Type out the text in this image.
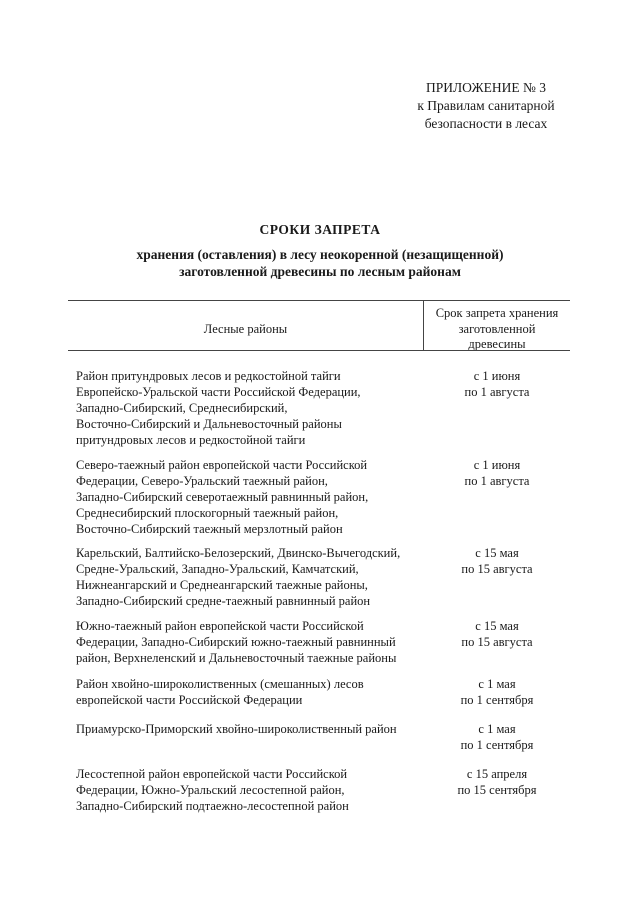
ПРИЛОЖЕНИЕ № 3
к Правилам санитарной
безопасности в лесах
СРОКИ ЗАПРЕТА
хранения (оставления) в лесу неокоренной (незащищенной)
заготовленной древесины по лесным районам
Лесные районы
Срок запрета хранения
заготовленной
древесины
Район притундровых лесов и редкостойной тайги
Европейско-Уральской части Российской Федерации,
Западно-Сибирский, Среднесибирский,
Восточно-Сибирский и Дальневосточный районы
притундровых лесов и редкостойной тайги
с 1 июня
по 1 августа
Северо-таежный район европейской части Российской
Федерации, Северо-Уральский таежный район,
Западно-Сибирский северотаежный равнинный район,
Среднесибирский плоскогорный таежный район,
Восточно-Сибирский таежный мерзлотный район
с 1 июня
по 1 августа
Карельский, Балтийско-Белозерский, Двинско-Вычегодский,
Средне-Уральский, Западно-Уральский, Камчатский,
Нижнеангарский и Среднеангарский таежные районы,
Западно-Сибирский средне-таежный равнинный район
с 15 мая
по 15 августа
Южно-таежный район европейской части Российской
Федерации, Западно-Сибирский южно-таежный равнинный
район, Верхнеленский и Дальневосточный таежные районы
с 15 мая
по 15 августа
Район хвойно-широколиственных (смешанных) лесов
европейской части Российской Федерации
с 1 мая
по 1 сентября
Приамурско-Приморский хвойно-широколиственный район	с 1 мая
по 1 сентября
Лесостепной район европейской части Российской
Федерации, Южно-Уральский лесостепной район,
Западно-Сибирский подтаежно-лесостепной район
с 15 апреля
по 15 сентября
